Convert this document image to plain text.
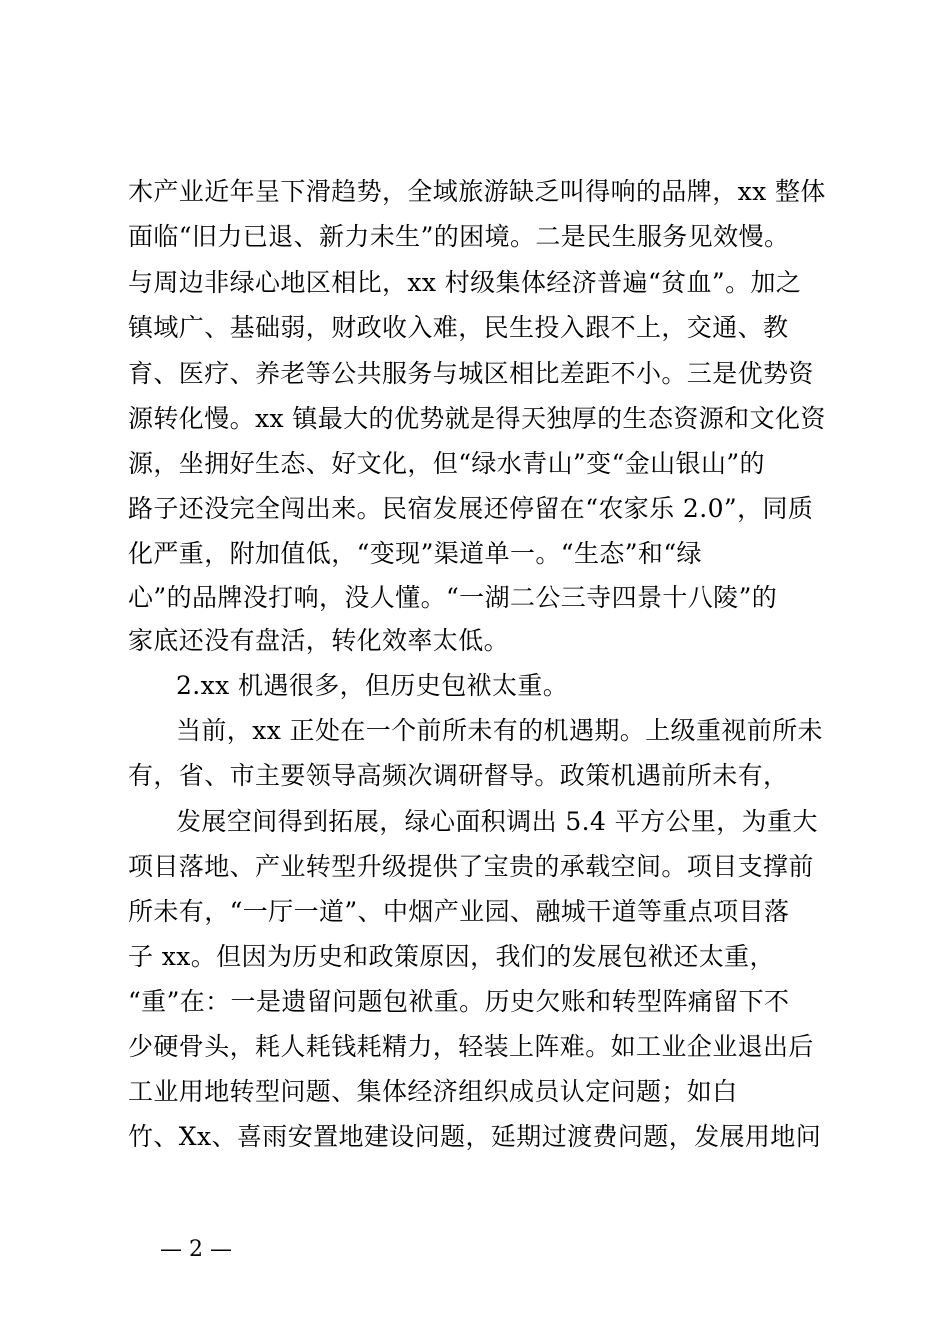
木产业近年呈下滑趋势，全域旅游缺乏叫得响的品牌，xx 整体
面临“旧力已退、新力未生”的困境。二是民生服务见效慢。
与周边非绿心地区相比，xx 村级集体经济普遍“贫血”。加之
镇域广、基础弱，财政收入难，民生投入跟不上，交通、教
育、医疗、养老等公共服务与城区相比差距不小。三是优势资
源转化慢。xx 镇最大的优势就是得天独厚的生态资源和文化资
源，坐拥好生态、好文化，但“绿水青山”变“金山银山”的
路子还没完全闯出来。民宿发展还停留在“农家乐 2.0”，同质
化严重，附加值低，“变现”渠道单一。“生态”和“绿
心”的品牌没打响，没人懂。“一湖二公三寺四景十八陵”的
家底还没有盘活，转化效率太低。
2.xx 机遇很多，但历史包袱太重。
当前，xx 正处在一个前所未有的机遇期。上级重视前所未
有，省、市主要领导高频次调研督导。政策机遇前所未有，
发展空间得到拓展，绿心面积调出 5.4 平方公里，为重大
项目落地、产业转型升级提供了宝贵的承载空间。项目支撑前
所未有，“一厅一道”、中烟产业园、融城干道等重点项目落
子 xx。但因为历史和政策原因，我们的发展包袱还太重，
“重”在：一是遗留问题包袱重。历史欠账和转型阵痛留下不
少硬骨头，耗人耗钱耗精力，轻装上阵难。如工业企业退出后
工业用地转型问题、集体经济组织成员认定问题；如白
竹、Xx、喜雨安置地建设问题，延期过渡费问题，发展用地问
— 2 —
